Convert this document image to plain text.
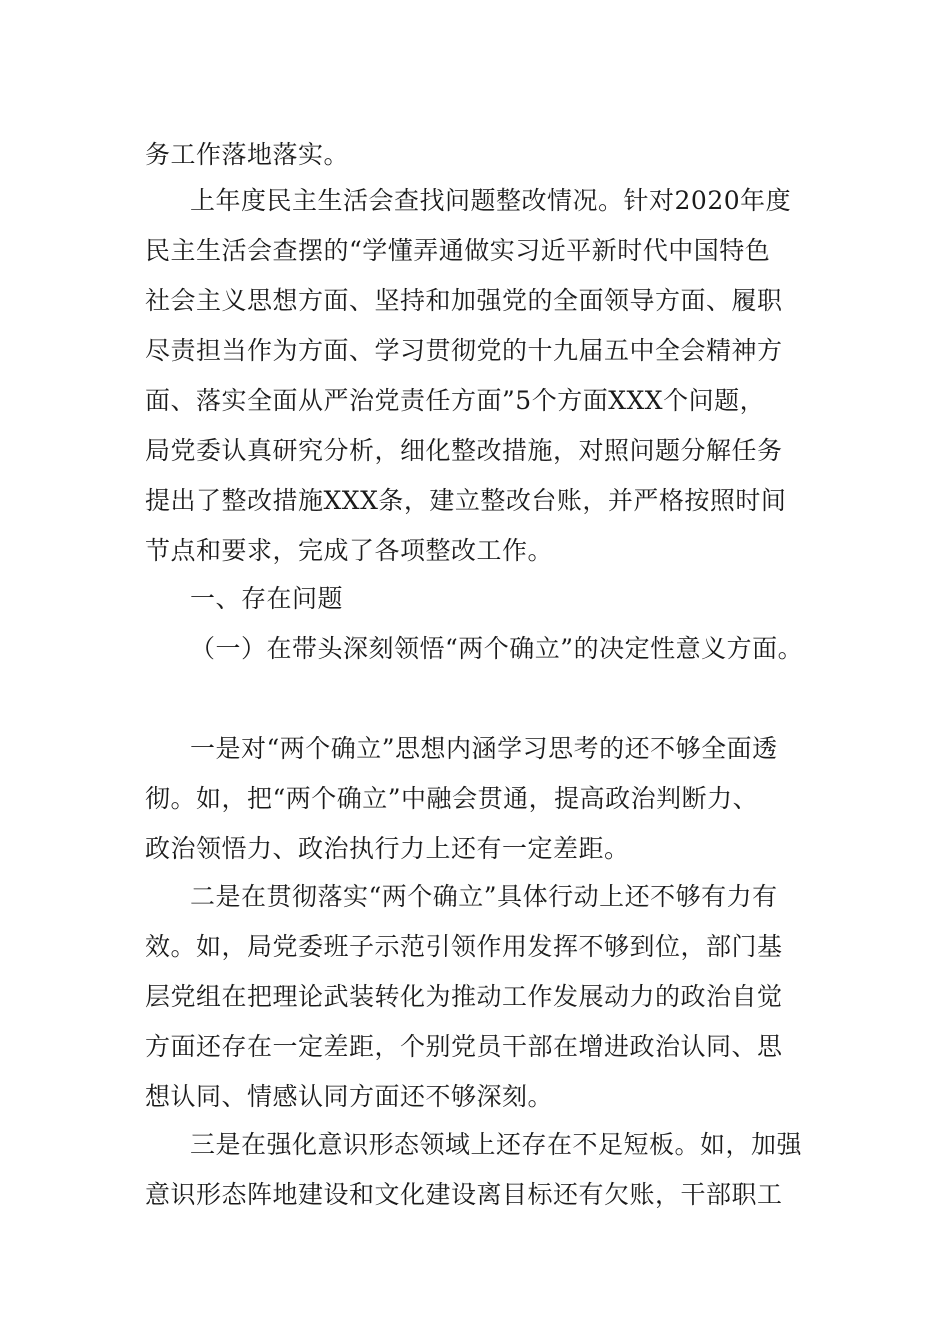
务工作落地落实。
上年度民主生活会查找问题整改情况。针对2020年度
民主生活会查摆的“学懂弄通做实习近平新时代中国特色
社会主义思想方面、坚持和加强党的全面领导方面、履职
尽责担当作为方面、学习贯彻党的十九届五中全会精神方
面、落实全面从严治党责任方面”5个方面XXX个问题，
局党委认真研究分析，细化整改措施，对照问题分解任务
提出了整改措施XXX条，建立整改台账，并严格按照时间
节点和要求，完成了各项整改工作。
一、存在问题
（一）在带头深刻领悟“两个确立”的决定性意义方面。
一是对“两个确立”思想内涵学习思考的还不够全面透
彻。如，把“两个确立”中融会贯通，提高政治判断力、
政治领悟力、政治执行力上还有一定差距。
二是在贯彻落实“两个确立”具体行动上还不够有力有
效。如，局党委班子示范引领作用发挥不够到位，部门基
层党组在把理论武装转化为推动工作发展动力的政治自觉
方面还存在一定差距，个别党员干部在增进政治认同、思
想认同、情感认同方面还不够深刻。
三是在强化意识形态领域上还存在不足短板。如，加强
意识形态阵地建设和文化建设离目标还有欠账，干部职工
